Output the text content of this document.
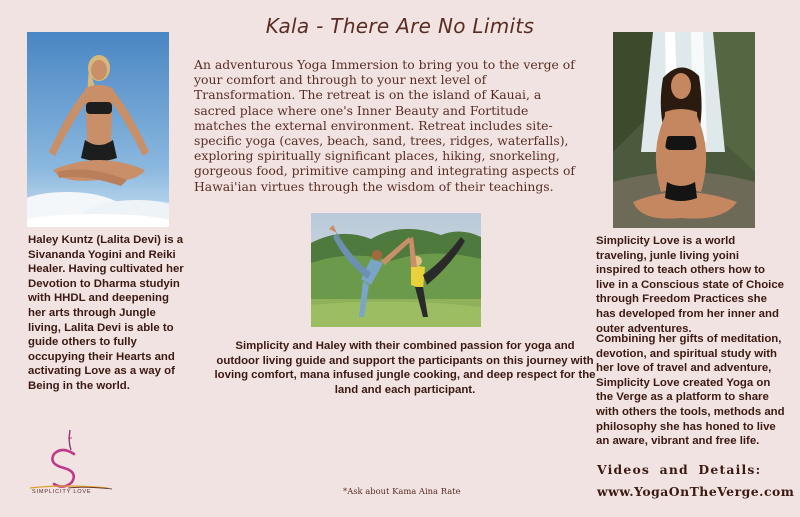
Kala - There Are No Limits
An adventurous Yoga Immersion to bring you to the verge of your comfort and through to your next level of Transformation. The retreat is on the island of Kauai, a sacred place where one's Inner Beauty and Fortitude matches the external environment. Retreat includes site-specific yoga (caves, beach, sand, trees, ridges, waterfalls), exploring spiritually significant places, hiking, snorkeling, gorgeous food, primitive camping and integrating aspects of Hawai'ian virtues through the wisdom of their teachings.
Haley Kuntz (Lalita Devi) is a Sivananda Yogini and Reiki Healer. Having cultivated her Devotion to Dharma studyin with HHDL and deepening her arts through Jungle living, Lalita Devi is able to guide others to fully occupying their Hearts and activating Love as a way of Being in the world.
Simplicity and Haley with their combined passion for yoga and outdoor living guide and support the participants on this journey with loving comfort, mana infused jungle cooking, and deep respect for the land and each participant.
Simplicity Love is a world traveling, junle living yoini inspired to teach others how to live in a Conscious state of Choice through Freedom Practices she has developed from her inner and outer adventures.
Combining her gifts of meditation, devotion, and spiritual study with her love of travel and adventure, Simplicity Love created Yoga on the Verge as a platform to share with others the tools, methods and philosophy she has honed to live an aware, vibrant and free life.
Videos and Details:
www.YogaOnTheVerge.com
*Ask about Kama Aina Rate
SIMPLICITY LOVE
